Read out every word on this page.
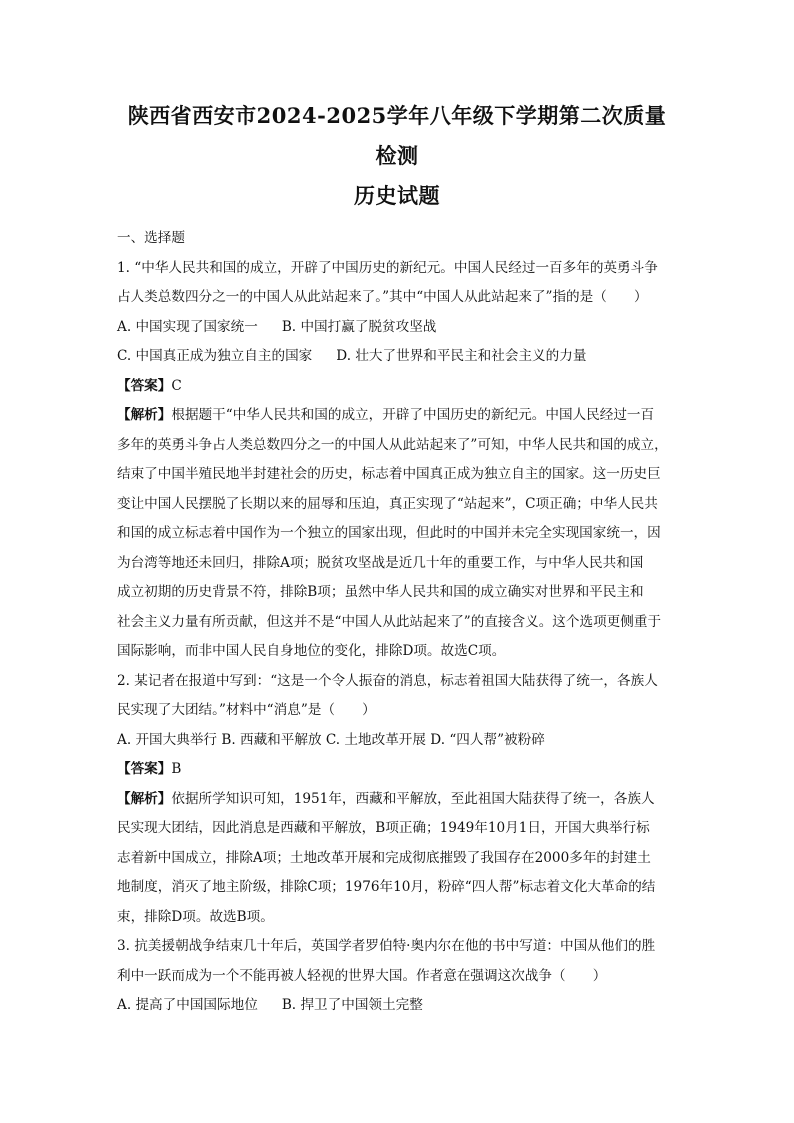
陕西省西安市2024-2025学年八年级下学期第二次质量检测

历史试题

一、选择题

1. “中华人民共和国的成立，开辟了中国历史的新纪元。中国人民经过一百多年的英勇斗争

占人类总数四分之一的中国人从此站起来了。”其中“中国人从此站起来了”指的是（　　）

A. 中国实现了国家统一 B. 中国打赢了脱贫攻坚战

C. 中国真正成为独立自主的国家 D. 壮大了世界和平民主和社会主义的力量

【答案】C

【解析】根据题干“中华人民共和国的成立，开辟了中国历史的新纪元。中国人民经过一百

多年的英勇斗争占人类总数四分之一的中国人从此站起来了”可知，中华人民共和国的成立，

结束了中国半殖民地半封建社会的历史，标志着中国真正成为独立自主的国家。这一历史巨

变让中国人民摆脱了长期以来的屈辱和压迫，真正实现了“站起来”，C项正确；中华人民共

和国的成立标志着中国作为一个独立的国家出现，但此时的中国并未完全实现国家统一，因

为台湾等地还未回归，排除A项；脱贫攻坚战是近几十年的重要工作，与中华人民共和国

成立初期的历史背景不符，排除B项；虽然中华人民共和国的成立确实对世界和平民主和

社会主义力量有所贡献，但这并不是“中国人从此站起来了”的直接含义。这个选项更侧重于

国际影响，而非中国人民自身地位的变化，排除D项。故选C项。

2. 某记者在报道中写到：“这是一个令人振奋的消息，标志着祖国大陆获得了统一，各族人

民实现了大团结。”材料中“消息”是（　　）

A. 开国大典举行 B. 西藏和平解放 C. 土地改革开展 D. “四人帮”被粉碎

【答案】B

【解析】依据所学知识可知，1951年，西藏和平解放，至此祖国大陆获得了统一，各族人

民实现大团结，因此消息是西藏和平解放，B项正确；1949年10月1日，开国大典举行标

志着新中国成立，排除A项；土地改革开展和完成彻底摧毁了我国存在2000多年的封建土

地制度，消灭了地主阶级，排除C项；1976年10月，粉碎“四人帮”标志着文化大革命的结

束，排除D项。故选B项。

3. 抗美援朝战争结束几十年后，英国学者罗伯特·奥内尔在他的书中写道：中国从他们的胜

利中一跃而成为一个不能再被人轻视的世界大国。作者意在强调这次战争（　　）

A. 提高了中国国际地位 B. 捍卫了中国领土完整
